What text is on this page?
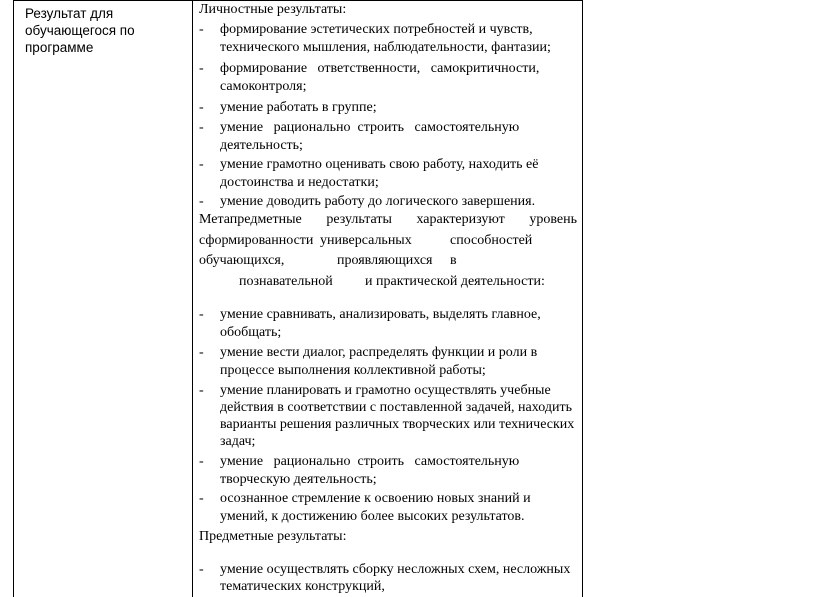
Результат для
обучающегося по
программе
Личностные результаты:
- формирование эстетических потребностей и чувств,
технического мышления, наблюдательности, фантазии;
- формирование   ответственности,   самокритичности,
самоконтроля;
- умение работать в группе;
- умение   рационально  строить   самостоятельную
деятельность;
- умение грамотно оценивать свою работу, находить её
достоинства и недостатки;
- умение доводить работу до логического завершения.
Метапредметные результаты характеризуют уровень
сформированности универсальных	способностей
обучающихся,	проявляющихся в
познавательной и практической деятельности:
- умение сравнивать, анализировать, выделять главное,
обобщать;
- умение вести диалог, распределять функции и роли в
процессе выполнения коллективной работы;
- умение планировать и грамотно осуществлять учебные
действия в соответствии с поставленной задачей, находить
варианты решения различных творческих или технических
задач;
- умение   рационально  строить   самостоятельную
творческую деятельность;
- осознанное стремление к освоению новых знаний и
умений, к достижению более высоких результатов.
Предметные результаты:
- умение осуществлять сборку несложных схем, несложных
тематических конструкций,
